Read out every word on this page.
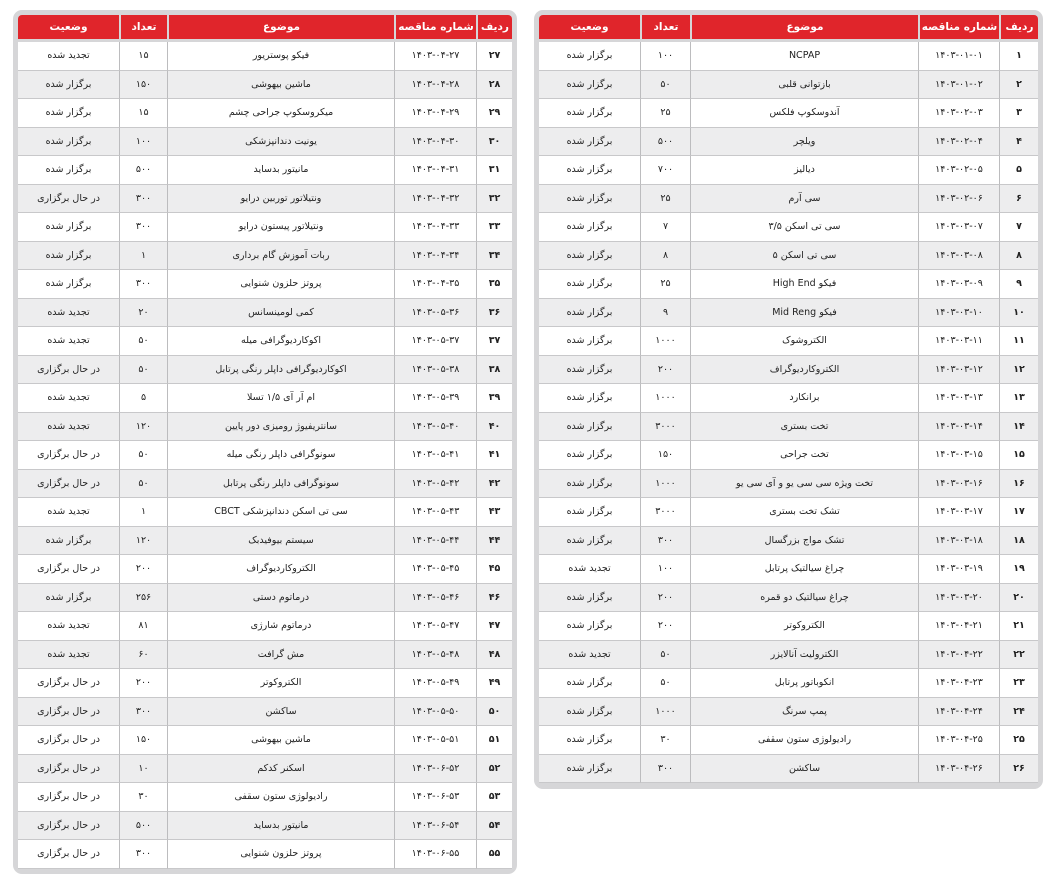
ردیف	شماره مناقصه	موضوع	تعداد	وضعیت
۱	۱۴۰۳-۰۱-۰۱	NCPAP	۱۰۰	برگزار شده
۲	۱۴۰۳-۰۱-۰۲	بازتوانی قلبی	۵۰	برگزار شده
۳	۱۴۰۳-۰۲-۰۳	آندوسکوپ فلکس	۲۵	برگزار شده
۴	۱۴۰۳-۰۲-۰۴	ویلچر	۵۰۰	برگزار شده
۵	۱۴۰۳-۰۲-۰۵	دیالیز	۷۰۰	برگزار شده
۶	۱۴۰۳-۰۲-۰۶	سی آرم	۲۵	برگزار شده
۷	۱۴۰۳-۰۳-۰۷	سی تی اسکن ۳/۵	۷	برگزار شده
۸	۱۴۰۳-۰۳-۰۸	سی تی اسکن ۵	۸	برگزار شده
۹	۱۴۰۳-۰۳-۰۹	فیکو High End	۲۵	برگزار شده
۱۰	۱۴۰۳-۰۳-۱۰	فیکو Mid Reng	۹	برگزار شده
۱۱	۱۴۰۳-۰۳-۱۱	الکتروشوک	۱۰۰۰	برگزار شده
۱۲	۱۴۰۳-۰۳-۱۲	الکتروکاردیوگراف	۲۰۰	برگزار شده
۱۳	۱۴۰۳-۰۳-۱۳	برانکارد	۱۰۰۰	برگزار شده
۱۴	۱۴۰۳-۰۳-۱۴	تخت بستری	۳۰۰۰	برگزار شده
۱۵	۱۴۰۳-۰۳-۱۵	تخت جراحی	۱۵۰	برگزار شده
۱۶	۱۴۰۳-۰۳-۱۶	تخت ویژه سی سی یو و آی سی یو	۱۰۰۰	برگزار شده
۱۷	۱۴۰۳-۰۳-۱۷	تشک تخت بستری	۳۰۰۰	برگزار شده
۱۸	۱۴۰۳-۰۳-۱۸	تشک مواج بزرگسال	۳۰۰	برگزار شده
۱۹	۱۴۰۳-۰۳-۱۹	چراغ سیالتیک پرتابل	۱۰۰	تجدید شده
۲۰	۱۴۰۳-۰۳-۲۰	چراغ سیالتیک دو قمره	۲۰۰	برگزار شده
۲۱	۱۴۰۳-۰۴-۲۱	الکتروکوتر	۲۰۰	برگزار شده
۲۲	۱۴۰۳-۰۴-۲۲	الکترولیت آنالایزر	۵۰	تجدید شده
۲۳	۱۴۰۳-۰۴-۲۳	انکوباتور پرتابل	۵۰	برگزار شده
۲۴	۱۴۰۳-۰۴-۲۴	پمپ سرنگ	۱۰۰۰	برگزار شده
۲۵	۱۴۰۳-۰۴-۲۵	رادیولوژی ستون سقفی	۳۰	برگزار شده
۲۶	۱۴۰۳-۰۴-۲۶	ساکشن	۳۰۰	برگزار شده
ردیف	شماره مناقصه	موضوع	تعداد	وضعیت
۲۷	۱۴۰۳-۰۴-۲۷	فیکو پوستریور	۱۵	تجدید شده
۲۸	۱۴۰۳-۰۴-۲۸	ماشین بیهوشی	۱۵۰	برگزار شده
۲۹	۱۴۰۳-۰۴-۲۹	میکروسکوپ جراحی چشم	۱۵	برگزار شده
۳۰	۱۴۰۳-۰۴-۳۰	یونیت دندانپزشکی	۱۰۰	برگزار شده
۳۱	۱۴۰۳-۰۴-۳۱	مانیتور بدساید	۵۰۰	برگزار شده
۳۲	۱۴۰۳-۰۴-۳۲	ونتیلاتور توربین درایو	۳۰۰	در حال برگزاری
۳۳	۱۴۰۳-۰۴-۳۳	ونتیلاتور پیستون درایو	۳۰۰	برگزار شده
۳۴	۱۴۰۳-۰۴-۳۴	ربات آموزش گام برداری	۱	برگزار شده
۳۵	۱۴۰۳-۰۴-۳۵	پروتز حلزون شنوایی	۳۰۰	برگزار شده
۳۶	۱۴۰۳-۰۵-۳۶	کمی لومینسانس	۲۰	تجدید شده
۳۷	۱۴۰۳-۰۵-۳۷	اکوکاردیوگرافی میله	۵۰	تجدید شده
۳۸	۱۴۰۳-۰۵-۳۸	اکوکاردیوگرافی داپلر رنگی پرتابل	۵۰	در حال برگزاری
۳۹	۱۴۰۳-۰۵-۳۹	ام آر آی ۱/۵ تسلا	۵	تجدید شده
۴۰	۱۴۰۳-۰۵-۴۰	سانتریفیوژ رومیزی دور پایین	۱۲۰	تجدید شده
۴۱	۱۴۰۳-۰۵-۴۱	سونوگرافی داپلر رنگی میله	۵۰	در حال برگزاری
۴۲	۱۴۰۳-۰۵-۴۲	سونوگرافی داپلر رنگی پرتابل	۵۰	در حال برگزاری
۴۳	۱۴۰۳-۰۵-۴۳	سی تی اسکن دندانپزشکی CBCT	۱	تجدید شده
۴۴	۱۴۰۳-۰۵-۴۴	سیستم بیوفیدبک	۱۲۰	برگزار شده
۴۵	۱۴۰۳-۰۵-۴۵	الکتروکاردیوگراف	۲۰۰	در حال برگزاری
۴۶	۱۴۰۳-۰۵-۴۶	درماتوم دستی	۲۵۶	برگزار شده
۴۷	۱۴۰۳-۰۵-۴۷	درماتوم شارژی	۸۱	تجدید شده
۴۸	۱۴۰۳-۰۵-۴۸	مش گرافت	۶۰	تجدید شده
۴۹	۱۴۰۳-۰۵-۴۹	الکتروکوتر	۲۰۰	در حال برگزاری
۵۰	۱۴۰۳-۰۵-۵۰	ساکشن	۳۰۰	در حال برگزاری
۵۱	۱۴۰۳-۰۵-۵۱	ماشین بیهوشی	۱۵۰	در حال برگزاری
۵۲	۱۴۰۳-۰۶-۵۲	اسکنر کدکم	۱۰	در حال برگزاری
۵۳	۱۴۰۳-۰۶-۵۳	رادیولوژی ستون سقفی	۳۰	در حال برگزاری
۵۴	۱۴۰۳-۰۶-۵۴	مانیتور بدساید	۵۰۰	در حال برگزاری
۵۵	۱۴۰۳-۰۶-۵۵	پروتز حلزون شنوایی	۳۰۰	در حال برگزاری
